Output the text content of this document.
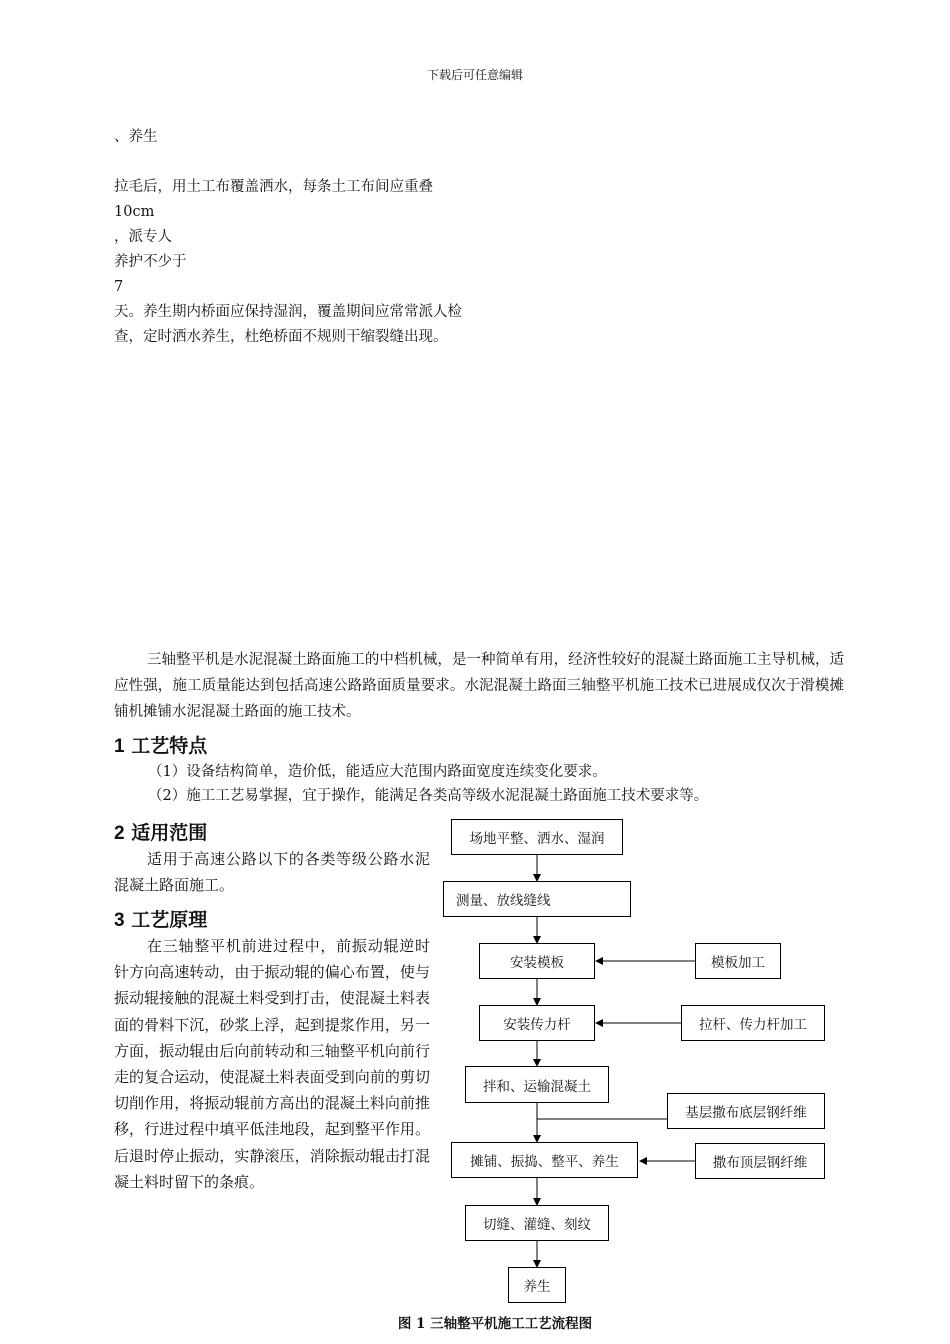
下载后可任意编辑
、养生
拉毛后，用土工布覆盖洒水，每条土工布间应重叠
10cm
，派专人
养护不少于
7
天。养生期内桥面应保持湿润，覆盖期间应常常派人检
查，定时洒水养生，杜绝桥面不规则干缩裂缝出现。
三轴整平机是水泥混凝土路面施工的中档机械，是一种简单有用，经济性较好的混凝土路面施工主导机械，适应性强，施工质量能达到包括高速公路路面质量要求。水泥混凝土路面三轴整平机施工技术已进展成仅次于滑模摊铺机摊铺水泥混凝土路面的施工技术。
1 工艺特点
（1）设备结构简单，造价低，能适应大范围内路面宽度连续变化要求。
（2）施工工艺易掌握，宜于操作，能满足各类高等级水泥混凝土路面施工技术要求等。
2 适用范围
适用于高速公路以下的各类等级公路水泥混凝土路面施工。
3 工艺原理
在三轴整平机前进过程中，前振动辊逆时针方向高速转动，由于振动辊的偏心布置，使与振动辊接触的混凝土料受到打击，使混凝土料表面的骨料下沉，砂浆上浮，起到提浆作用，另一方面，振动辊由后向前转动和三轴整平机向前行走的复合运动，使混凝土料表面受到向前的剪切切削作用，将振动辊前方高出的混凝土料向前推移，行进过程中填平低洼地段，起到整平作用。后退时停止振动，实静滚压，消除振动辊击打混凝土料时留下的条痕。
场地平整、洒水、湿润
测量、放线缝线
安装模板
安装传力杆
拌和、运输混凝土
摊铺、振捣、整平、养生
切缝、灌缝、刻纹
养生
模板加工
拉杆、传力杆加工
基层撒布底层钢纤维
撒布顶层钢纤维
图 1 三轴整平机施工工艺流程图
